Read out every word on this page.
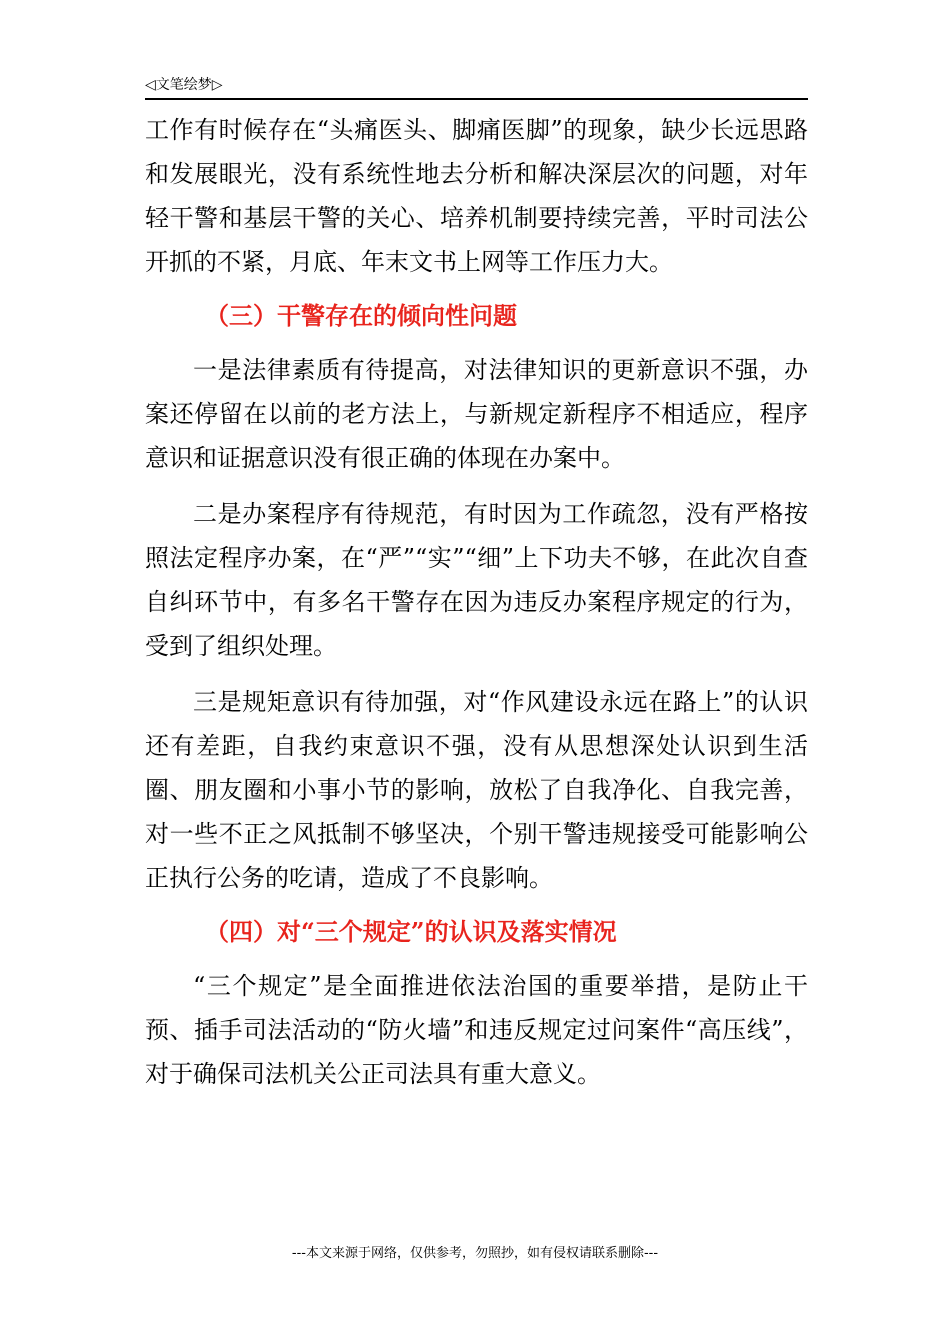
◁文笔绘梦▷

工作有时候存在“头痛医头、脚痛医脚”的现象，缺少长远思路和发展眼光，没有系统性地去分析和解决深层次的问题，对年轻干警和基层干警的关心、培养机制要持续完善，平时司法公开抓的不紧，月底、年末文书上网等工作压力大。

（三）干警存在的倾向性问题

一是法律素质有待提高，对法律知识的更新意识不强，办案还停留在以前的老方法上，与新规定新程序不相适应，程序意识和证据意识没有很正确的体现在办案中。

二是办案程序有待规范，有时因为工作疏忽，没有严格按照法定程序办案，在“严”“实”“细”上下功夫不够，在此次自查自纠环节中，有多名干警存在因为违反办案程序规定的行为，受到了组织处理。

三是规矩意识有待加强，对“作风建设永远在路上”的认识还有差距，自我约束意识不强，没有从思想深处认识到生活圈、朋友圈和小事小节的影响，放松了自我净化、自我完善，对一些不正之风抵制不够坚决，个别干警违规接受可能影响公正执行公务的吃请，造成了不良影响。

（四）对“三个规定”的认识及落实情况

“三个规定”是全面推进依法治国的重要举措，是防止干预、插手司法活动的“防火墙”和违反规定过问案件“高压线”，对于确保司法机关公正司法具有重大意义。

---本文来源于网络，仅供参考，勿照抄，如有侵权请联系删除---
